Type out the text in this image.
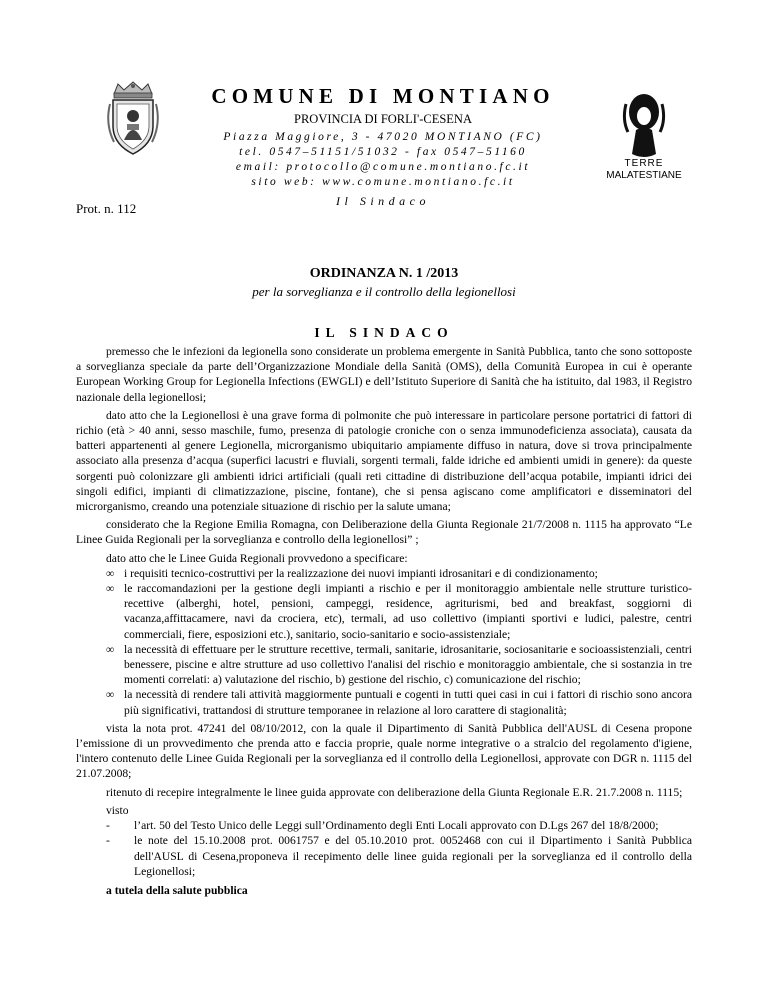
TERRE
MALATESTIANE
COMUNE DI MONTIANO
PROVINCIA DI FORLI'-CESENA
Piazza Maggiore, 3 - 47020 MONTIANO (FC)
tel. 0547–51151/51032 - fax 0547–51160
email: protocollo@comune.montiano.fc.it
sito web: www.comune.montiano.fc.it
Il Sindaco
Prot. n. 112
ORDINANZA N. 1 /2013
per la sorveglianza e il controllo della legionellosi
IL SINDACO

premesso che le infezioni da legionella sono considerate un problema emergente in Sanità Pubblica, tanto che sono sottoposte a sorveglianza speciale da parte dell’Organizzazione Mondiale della Sanità (OMS), della Comunità Europea in cui è operante European Working Group for Legionella Infections (EWGLI) e dell’Istituto Superiore di Sanità che ha istituito, dal 1983, il Registro nazionale della legionellosi;

dato atto che la Legionellosi è una grave forma di polmonite che può interessare in particolare persone portatrici di fattori di richio (età > 40 anni, sesso maschile, fumo, presenza di patologie croniche con o senza immunodeficienza associata), causata da batteri appartenenti al genere Legionella, microrganismo ubiquitario ampiamente diffuso in natura, dove si trova principalmente associato alla presenza d’acqua (superfici lacustri e fluviali, sorgenti termali, falde idriche ed ambienti umidi in genere): da queste sorgenti può colonizzare gli ambienti idrici artificiali (quali reti cittadine di distribuzione dell’acqua potabile, impianti idrici dei singoli edifici, impianti di climatizzazione, piscine, fontane), che si pensa agiscano come amplificatori e disseminatori del microrganismo, creando una potenziale situazione di rischio per la salute umana;

considerato che la Regione Emilia Romagna, con Deliberazione della Giunta Regionale 21/7/2008 n. 1115 ha approvato “Le Linee Guida Regionali per la sorveglianza e controllo della legionellosi” ;

dato atto che le Linee Guida Regionali provvedono a specificare:

∞ i requisiti tecnico-costruttivi per la realizzazione dei nuovi impianti idrosanitari e di condizionamento;
∞ le raccomandazioni per la gestione degli impianti a rischio e per il monitoraggio ambientale nelle strutture turistico-recettive (alberghi, hotel, pensioni, campeggi, residence, agriturismi, bed and breakfast, soggiorni di vacanza,affittacamere, navi da crociera, etc), termali, ad uso collettivo (impianti sportivi e ludici, palestre, centri commerciali, fiere, esposizioni etc.), sanitario, socio-sanitario e socio-assistenziale;
∞ la necessità di effettuare per le strutture recettive, termali, sanitarie, idrosanitarie, sociosanitarie e socioassistenziali, centri benessere, piscine e altre strutture ad uso collettivo l'analisi del rischio e monitoraggio ambientale, che si sostanzia in tre momenti correlati: a) valutazione del rischio, b) gestione del rischio, c) comunicazione del rischio;
∞ la necessità di rendere tali attività maggiormente puntuali e cogenti in tutti quei casi in cui i fattori di rischio sono ancora più significativi, trattandosi di strutture temporanee in relazione al loro carattere di stagionalità;

vista la nota prot. 47241 del 08/10/2012, con la quale il Dipartimento di Sanità Pubblica dell'AUSL di Cesena propone l’emissione di un provvedimento che prenda atto e faccia proprie, quale norme integrative o a stralcio del regolamento d'igiene, l'intero contenuto delle Linee Guida Regionali per la sorveglianza ed il controllo della Legionellosi, approvate con DGR n. 1115 del 21.07.2008;

ritenuto di recepire integralmente le linee guida approvate con deliberazione della Giunta Regionale E.R. 21.7.2008 n. 1115;

visto

- l’art. 50 del Testo Unico delle Leggi sull’Ordinamento degli Enti Locali approvato con D.Lgs 267 del 18/8/2000;
- le note del 15.10.2008 prot. 0061757 e del 05.10.2010 prot. 0052468 con cui il Dipartimento i Sanità Pubblica dell'AUSL di Cesena,proponeva il recepimento delle linee guida regionali per la sorveglianza ed il controllo della Legionellosi;

a tutela della salute pubblica
